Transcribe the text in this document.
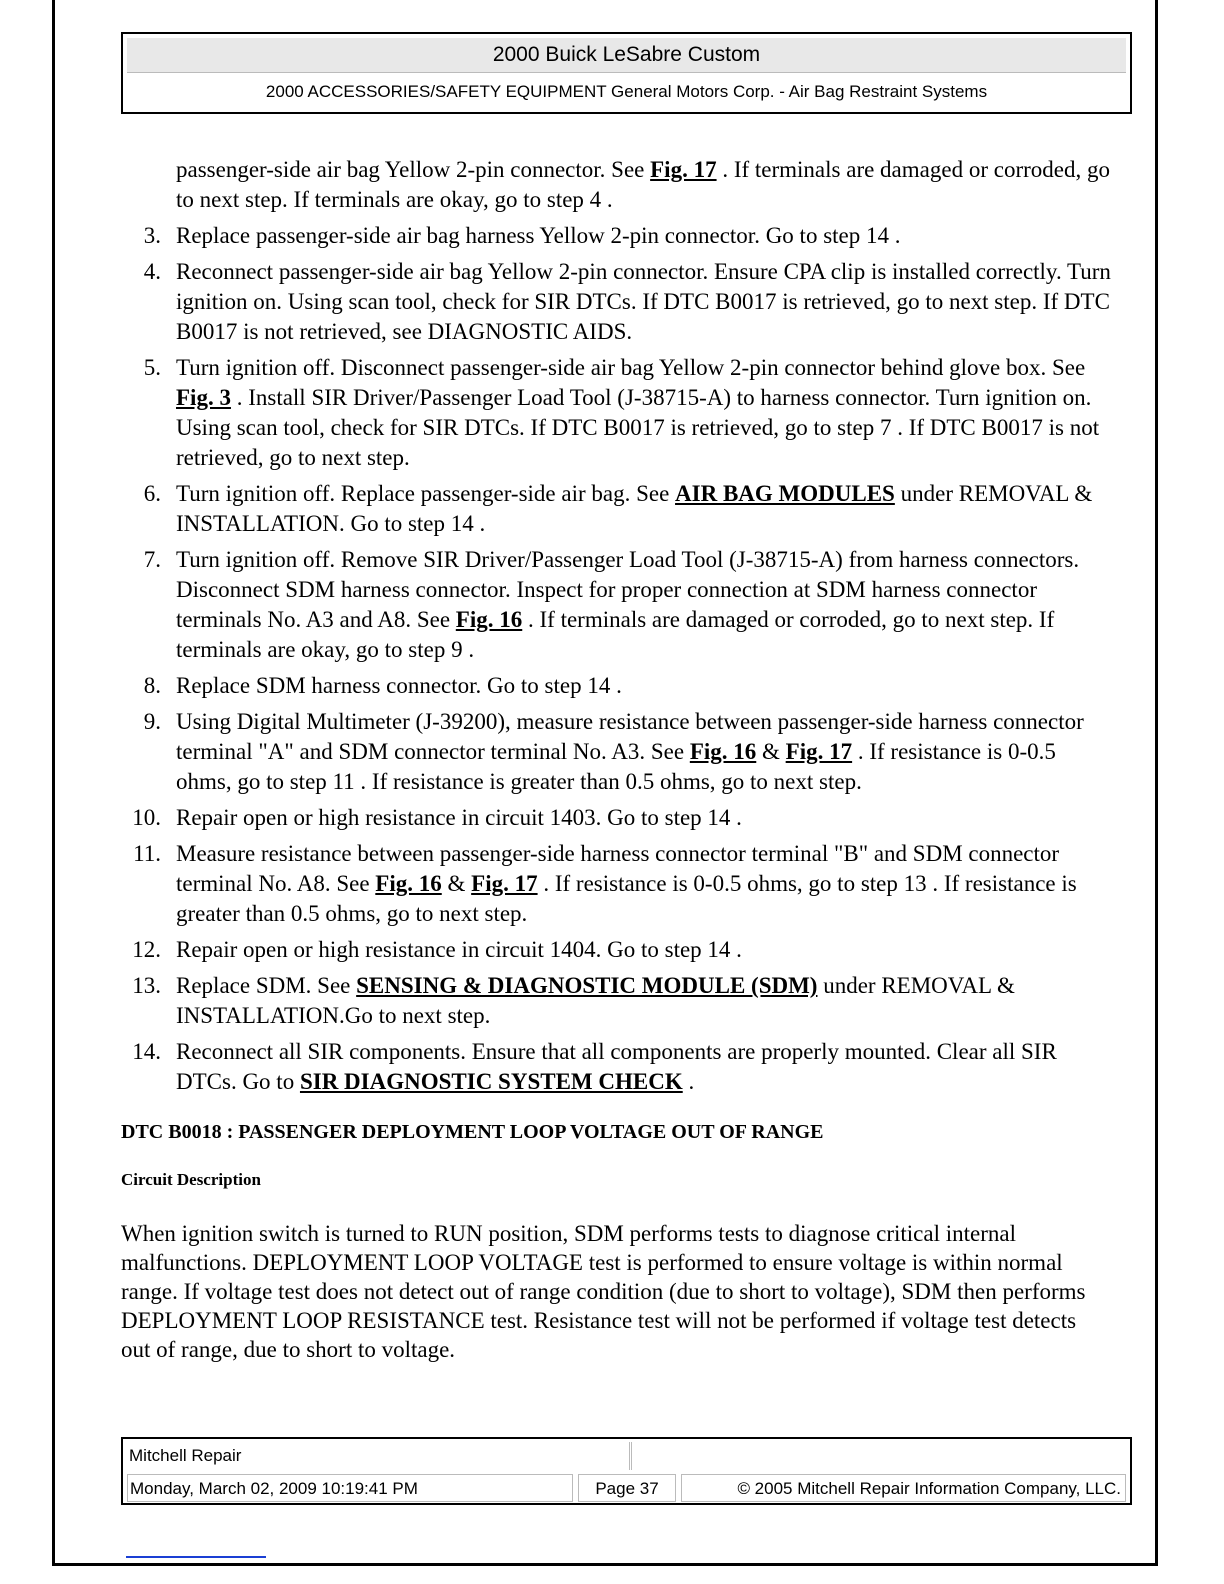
2000 Buick LeSabre Custom
2000 ACCESSORIES/SAFETY EQUIPMENT General Motors Corp. - Air Bag Restraint Systems

passenger-side air bag Yellow 2-pin connector. See Fig. 17 . If terminals are damaged or corroded, go to next step. If terminals are okay, go to step 4 .

3. Replace passenger-side air bag harness Yellow 2-pin connector. Go to step 14 .
4. Reconnect passenger-side air bag Yellow 2-pin connector. Ensure CPA clip is installed correctly. Turn ignition on. Using scan tool, check for SIR DTCs. If DTC B0017 is retrieved, go to next step. If DTC B0017 is not retrieved, see DIAGNOSTIC AIDS.
5. Turn ignition off. Disconnect passenger-side air bag Yellow 2-pin connector behind glove box. See Fig. 3 . Install SIR Driver/Passenger Load Tool (J-38715-A) to harness connector. Turn ignition on. Using scan tool, check for SIR DTCs. If DTC B0017 is retrieved, go to step 7 . If DTC B0017 is not retrieved, go to next step.
6. Turn ignition off. Replace passenger-side air bag. See AIR BAG MODULES under REMOVAL & INSTALLATION. Go to step 14 .
7. Turn ignition off. Remove SIR Driver/Passenger Load Tool (J-38715-A) from harness connectors. Disconnect SDM harness connector. Inspect for proper connection at SDM harness connector terminals No. A3 and A8. See Fig. 16 . If terminals are damaged or corroded, go to next step. If terminals are okay, go to step 9 .
8. Replace SDM harness connector. Go to step 14 .
9. Using Digital Multimeter (J-39200), measure resistance between passenger-side harness connector terminal "A" and SDM connector terminal No. A3. See Fig. 16 & Fig. 17 . If resistance is 0-0.5 ohms, go to step 11 . If resistance is greater than 0.5 ohms, go to next step.
10. Repair open or high resistance in circuit 1403. Go to step 14 .
11. Measure resistance between passenger-side harness connector terminal "B" and SDM connector terminal No. A8. See Fig. 16 & Fig. 17 . If resistance is 0-0.5 ohms, go to step 13 . If resistance is greater than 0.5 ohms, go to next step.
12. Repair open or high resistance in circuit 1404. Go to step 14 .
13. Replace SDM. See SENSING & DIAGNOSTIC MODULE (SDM) under REMOVAL & INSTALLATION.Go to next step.
14. Reconnect all SIR components. Ensure that all components are properly mounted. Clear all SIR DTCs. Go to SIR DIAGNOSTIC SYSTEM CHECK .

DTC B0018 : PASSENGER DEPLOYMENT LOOP VOLTAGE OUT OF RANGE

Circuit Description

When ignition switch is turned to RUN position, SDM performs tests to diagnose critical internal malfunctions. DEPLOYMENT LOOP VOLTAGE test is performed to ensure voltage is within normal range. If voltage test does not detect out of range condition (due to short to voltage), SDM then performs DEPLOYMENT LOOP RESISTANCE test. Resistance test will not be performed if voltage test detects out of range, due to short to voltage.

Mitchell Repair
Monday, March 02, 2009 10:19:41 PM	Page 37	© 2005 Mitchell Repair Information Company, LLC.
